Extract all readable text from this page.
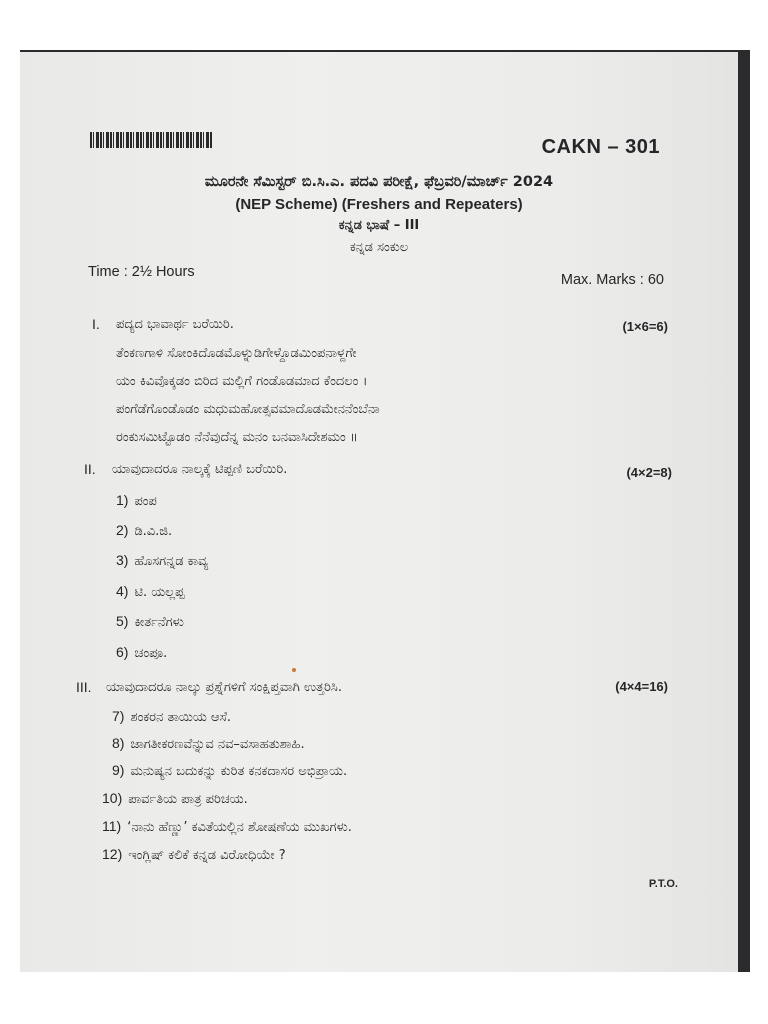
CAKN – 301
ಮೂರನೇ ಸೆಮಿಸ್ಟರ್ ಬಿ.ಸಿ.ಎ. ಪದವಿ ಪರೀಕ್ಷೆ, ಫೆಬ್ರವರಿ/ಮಾರ್ಚ್ 2024
(NEP Scheme) (Freshers and Repeaters)
ಕನ್ನಡ ಭಾಷೆ – III
ಕನ್ನಡ ಸಂಕುಲ
Time : 2½ Hours	Max. Marks : 60
I. ಪದ್ಯದ ಭಾವಾರ್ಥ ಬರೆಯಿರಿ.	(1×6=6)
ತೆಂಕಣಗಾಳಿ ಸೋಂಕಿದೊಡಮೊಳ್ನುಡಿಗೇಳ್ದೊಡಮಿಂಪನಾಳ್ದಗೇ
ಯಂ ಕಿವಿವೊಕ್ಕಡಂ ಬಿರಿದ ಮಲ್ಲಿಗೆ ಗಂಡೊಡಮಾದ ಕೆಂದಲಂ ।
ಪಂಗೆಡೆಗೊಂಡೊಡಂ ಮಧುಮಹೋತ್ಸವಮಾದೊಡಮೇನನೆಂಬೆನಾ
ರಂಕುಸಮಿಟ್ಟೊಡಂ ನೆನೆವುದೆನ್ನ ಮನಂ ಬನವಾಸಿದೇಶಮಂ ॥
II. ಯಾವುದಾದರೂ ನಾಲ್ಕಕ್ಕೆ ಟಿಪ್ಪಣಿ ಬರೆಯಿರಿ.	(4×2=8)
1) ಪಂಪ
2) ಡಿ.ವಿ.ಜಿ.
3) ಹೊಸಗನ್ನಡ ಕಾವ್ಯ
4) ಟಿ. ಯಲ್ಲಪ್ಪ
5) ಕೀರ್ತನೆಗಳು
6) ಚಂಪೂ.
III. ಯಾವುದಾದರೂ ನಾಲ್ಕು ಪ್ರಶ್ನೆಗಳಿಗೆ ಸಂಕ್ಷಿಪ್ತವಾಗಿ ಉತ್ತರಿಸಿ.	(4×4=16)
7) ಶಂಕರನ ತಾಯಿಯ ಆಸೆ.
8) ಜಾಗತೀಕರಣವೆನ್ನುವ ನವ–ವಸಾಹತುಶಾಹಿ.
9) ಮನುಷ್ಯನ ಬದುಕನ್ನು ಕುರಿತ ಕನಕದಾಸರ ಅಭಿಪ್ರಾಯ.
10) ಪಾರ್ವತಿಯ ಪಾತ್ರ ಪರಿಚಯ.
11) ‘ನಾನು ಹೆಣ್ಣು’ ಕವಿತೆಯಲ್ಲಿನ ಶೋಷಣೆಯ ಮುಖಗಳು.
12) ಇಂಗ್ಲಿಷ್ ಕಲಿಕೆ ಕನ್ನಡ ವಿರೋಧಿಯೇ ?
P.T.O.
